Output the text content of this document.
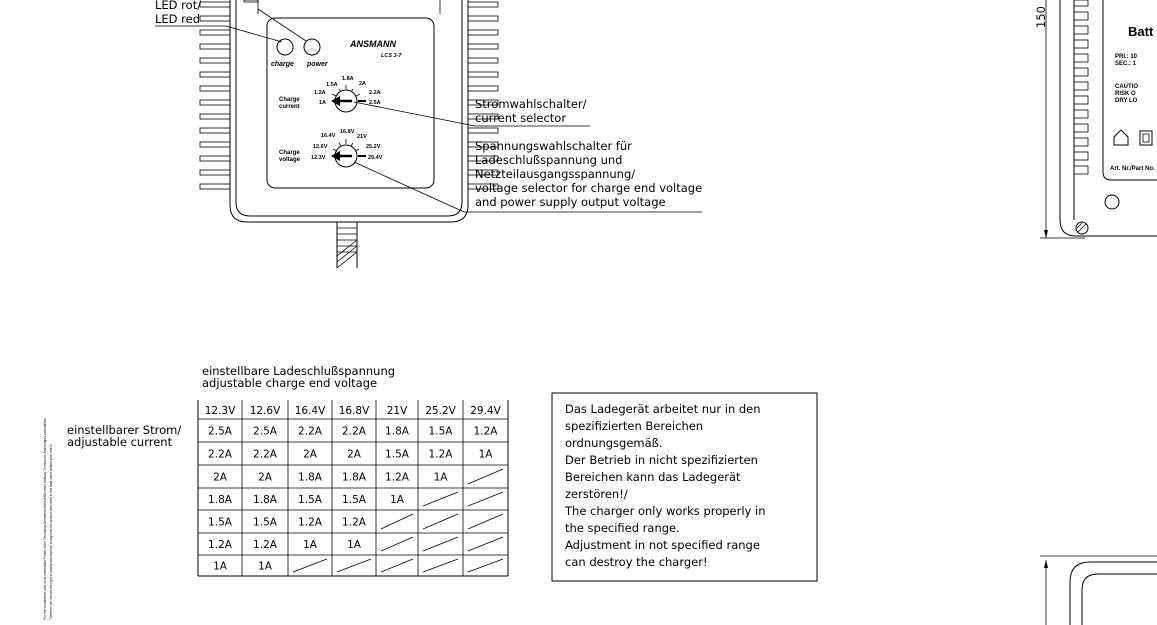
Für evtl vorhandene oder nicht erkennbare Fehler in der Zeichnung übernimmt ANSMANN keine Haftung. Technische Änderungen vorbehalten. Therefore we reserve the right to modify and improve at any time the product described in this data sheet without prior notice.
charge power
ANSMANN
LCS 3-7
1.5A
1.8A
2A
1.2A	2.2A
1A	2.5A
Charge
current
16.4V
16.8V
21V
12.6V	25.2V
12.3V	29.4V
Charge
voltage
LED rot/
LED red
Stromwahlschalter/
current selector
Spannungswahlschalter für
Ladeschlußspannung und
Netzteilausgangsspannung/
voltage selector for charge end voltage
and power supply output voltage
einstellbare Ladeschlußspannung
adjustable charge end voltage
einstellbarer Strom/
adjustable current
12.3V 12.6V 16.4V 16.8V 21V 25.2V 29.4V
2.5A 2.5A 2.2A 2.2A 1.8A 1.5A 1.2A
2.2A 2.2A 2A	2A 1.5A 1.2A 1A
2A	2A 1.8A 1.8A 1.2A 1A
1.8A 1.8A 1.5A 1.5A 1A
1.5A 1.5A 1.2A 1.2A
1.2A 1.2A 1A	1A
1A	1A
Das Ladegerät arbeitet nur in den
spezifizierten Bereichen
ordnungsgemäß.
Der Betrieb in nicht spezifizierten
Bereichen kann das Ladegerät
zerstören!/
The charger only works properly in
the specified range.
Adjustment in not specified range
can destroy the charger!
150
Batt
PRI.: 10
SEC.: 1
CAUTIO
RISK O
DRY LO
Art. Nr./Part No.
